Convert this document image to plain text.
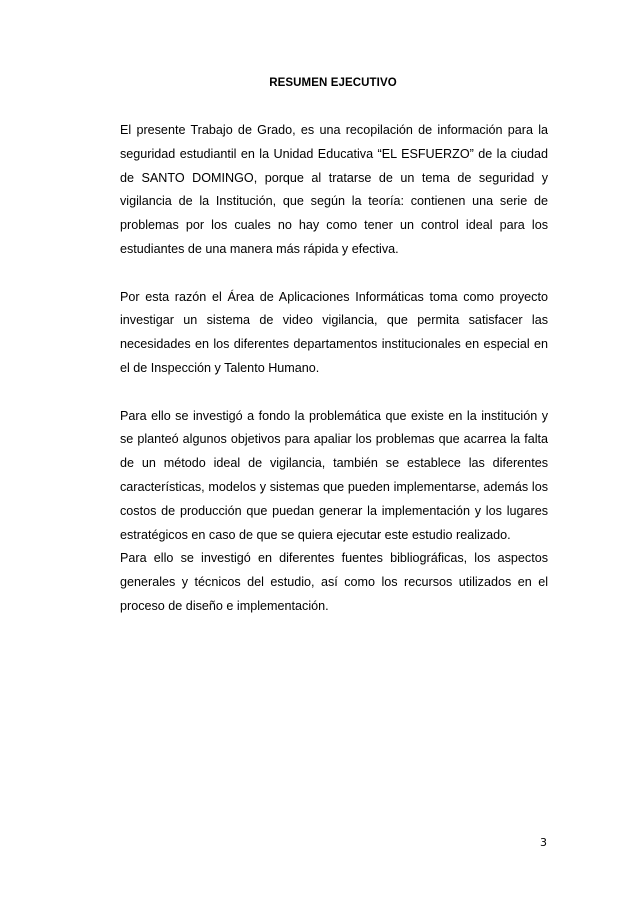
RESUMEN EJECUTIVO

El presente Trabajo de Grado, es una recopilación de información para la seguridad estudiantil en la Unidad Educativa “EL ESFUERZO” de la ciudad de SANTO DOMINGO, porque al tratarse de un tema de seguridad y vigilancia de la Institución, que según la teoría: contienen una serie de problemas por los cuales no hay como tener un control ideal para los estudiantes de una manera más rápida y efectiva.

Por esta razón el Área de Aplicaciones Informáticas toma como proyecto investigar un sistema de video vigilancia, que permita satisfacer las necesidades en los diferentes departamentos institucionales en especial en el de Inspección y Talento Humano.

Para ello se investigó a fondo la problemática que existe en la institución y se planteó algunos objetivos para apaliar los problemas que acarrea la falta de un método ideal de vigilancia, también se establece las diferentes características, modelos y sistemas que pueden implementarse, además los costos de producción que puedan generar la implementación y los lugares estratégicos en caso de que se quiera ejecutar este estudio realizado.

Para ello se investigó en diferentes fuentes bibliográficas, los aspectos generales y técnicos del estudio, así como los recursos utilizados en el proceso de diseño e implementación.

3
